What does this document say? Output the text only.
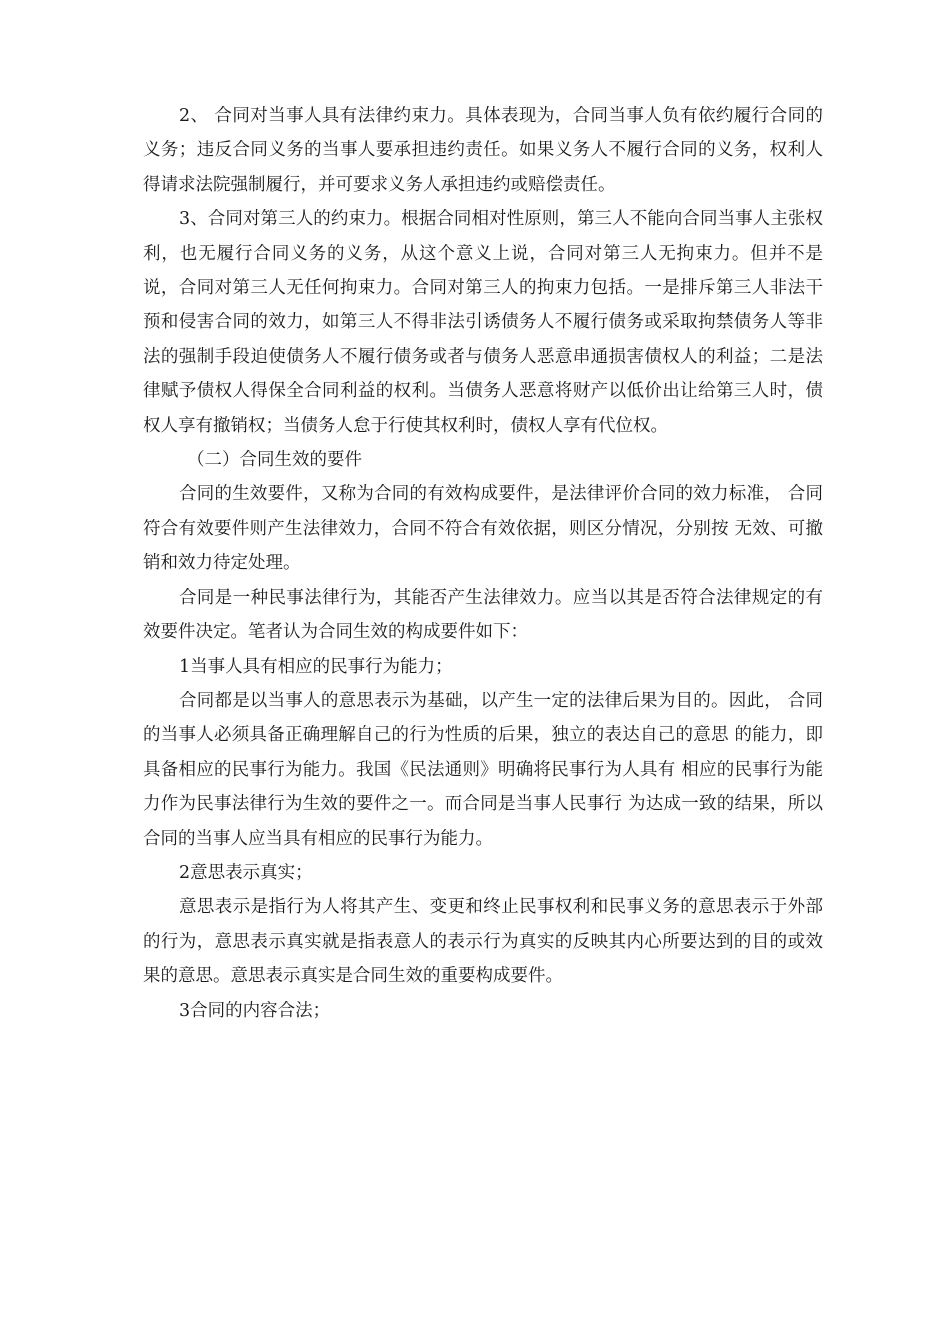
2、 合同对当事人具有法律约束力。具体表现为，合同当事人负有依约履行合同的义务；违反合同义务的当事人要承担违约责任。如果义务人不履行合同的义务，权利人得请求法院强制履行，并可要求义务人承担违约或赔偿责任。

3、合同对第三人的约束力。根据合同相对性原则，第三人不能向合同当事人主张权利，也无履行合同义务的义务，从这个意义上说，合同对第三人无拘束力。但并不是说，合同对第三人无任何拘束力。合同对第三人的拘束力包括。一是排斥第三人非法干预和侵害合同的效力，如第三人不得非法引诱债务人不履行债务或采取拘禁债务人等非法的强制手段迫使债务人不履行债务或者与债务人恶意串通损害债权人的利益；二是法律赋予债权人得保全合同利益的权利。当债务人恶意将财产以低价出让给第三人时，债权人享有撤销权；当债务人怠于行使其权利时，债权人享有代位权。

（二）合同生效的要件

合同的生效要件，又称为合同的有效构成要件，是法律评价合同的效力标准， 合同符合有效要件则产生法律效力，合同不符合有效依据，则区分情况，分别按 无效、可撤销和效力待定处理。

合同是一种民事法律行为，其能否产生法律效力。应当以其是否符合法律规定的有效要件决定。笔者认为合同生效的构成要件如下：

1当事人具有相应的民事行为能力；

合同都是以当事人的意思表示为基础，以产生一定的法律后果为目的。因此， 合同的当事人必须具备正确理解自己的行为性质的后果，独立的表达自己的意思 的能力，即具备相应的民事行为能力。我国《民法通则》明确将民事行为人具有 相应的民事行为能力作为民事法律行为生效的要件之一。而合同是当事人民事行 为达成一致的结果，所以合同的当事人应当具有相应的民事行为能力。

2意思表示真实；

意思表示是指行为人将其产生、变更和终止民事权利和民事义务的意思表示于外部的行为，意思表示真实就是指表意人的表示行为真实的反映其内心所要达到的目的或效果的意思。意思表示真实是合同生效的重要构成要件。

3合同的内容合法；
